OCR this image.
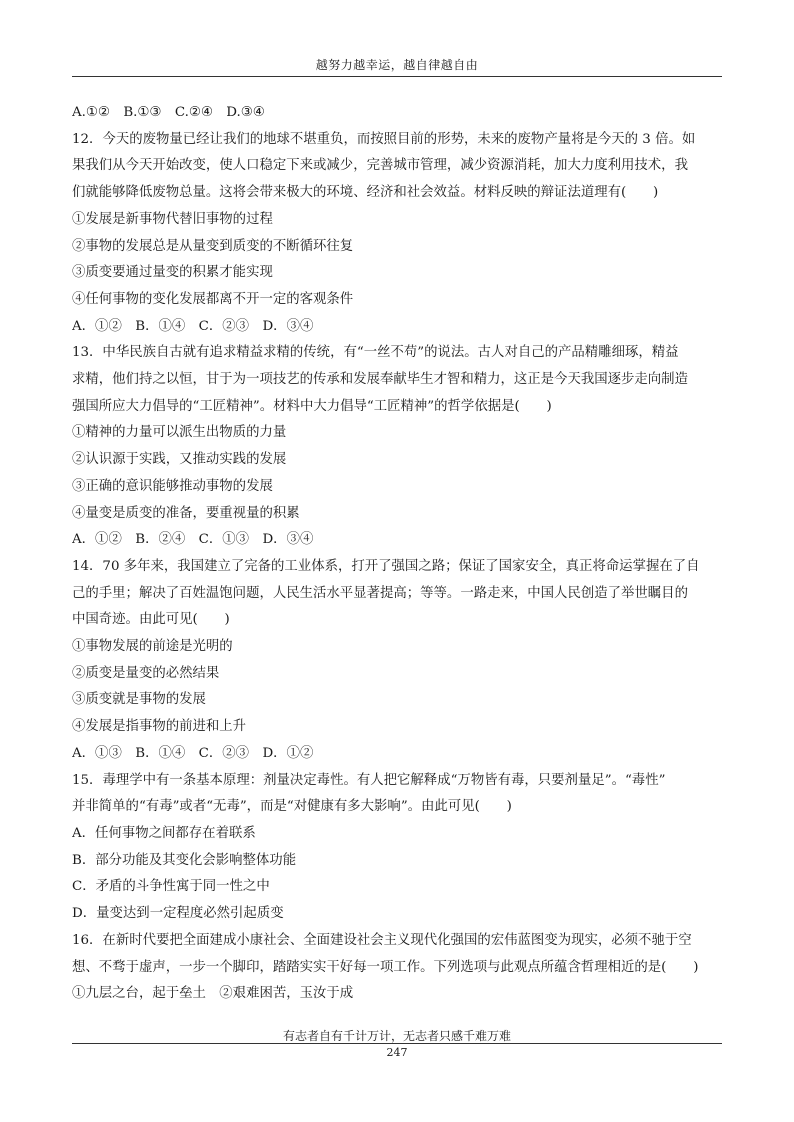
越努力越幸运，越自律越自由
A.①②　B.①③　C.②④　D.③④
12．今天的废物量已经让我们的地球不堪重负，而按照目前的形势，未来的废物产量将是今天的 3 倍。如
果我们从今天开始改变，使人口稳定下来或减少，完善城市管理，减少资源消耗，加大力度利用技术，我
们就能够降低废物总量。这将会带来极大的环境、经济和社会效益。材料反映的辩证法道理有(　　)
①发展是新事物代替旧事物的过程
②事物的发展总是从量变到质变的不断循环往复
③质变要通过量变的积累才能实现
④任何事物的变化发展都离不开一定的客观条件
A．①②　B．①④　C．②③　D．③④
13．中华民族自古就有追求精益求精的传统，有“一丝不苟”的说法。古人对自己的产品精雕细琢，精益
求精，他们持之以恒，甘于为一项技艺的传承和发展奉献毕生才智和精力，这正是今天我国逐步走向制造
强国所应大力倡导的“工匠精神”。材料中大力倡导“工匠精神”的哲学依据是(　　)
①精神的力量可以派生出物质的力量
②认识源于实践，又推动实践的发展
③正确的意识能够推动事物的发展
④量变是质变的准备，要重视量的积累
A．①②　B．②④　C．①③　D．③④
14．70 多年来，我国建立了完备的工业体系，打开了强国之路；保证了国家安全，真正将命运掌握在了自
己的手里；解决了百姓温饱问题，人民生活水平显著提高；等等。一路走来，中国人民创造了举世瞩目的
中国奇迹。由此可见(　　)
①事物发展的前途是光明的
②质变是量变的必然结果
③质变就是事物的发展
④发展是指事物的前进和上升
A．①③　B．①④　C．②③　D．①②
15．毒理学中有一条基本原理：剂量决定毒性。有人把它解释成“万物皆有毒，只要剂量足”。“毒性”
并非简单的“有毒”或者“无毒”，而是“对健康有多大影响”。由此可见(　　)
A．任何事物之间都存在着联系
B．部分功能及其变化会影响整体功能
C．矛盾的斗争性寓于同一性之中
D．量变达到一定程度必然引起质变
16．在新时代要把全面建成小康社会、全面建设社会主义现代化强国的宏伟蓝图变为现实，必须不驰于空
想、不骛于虚声，一步一个脚印，踏踏实实干好每一项工作。下列选项与此观点所蕴含哲理相近的是(　　)
①九层之台，起于垒土　②艰难困苦，玉汝于成
有志者自有千计万计，无志者只感千难万难
247
